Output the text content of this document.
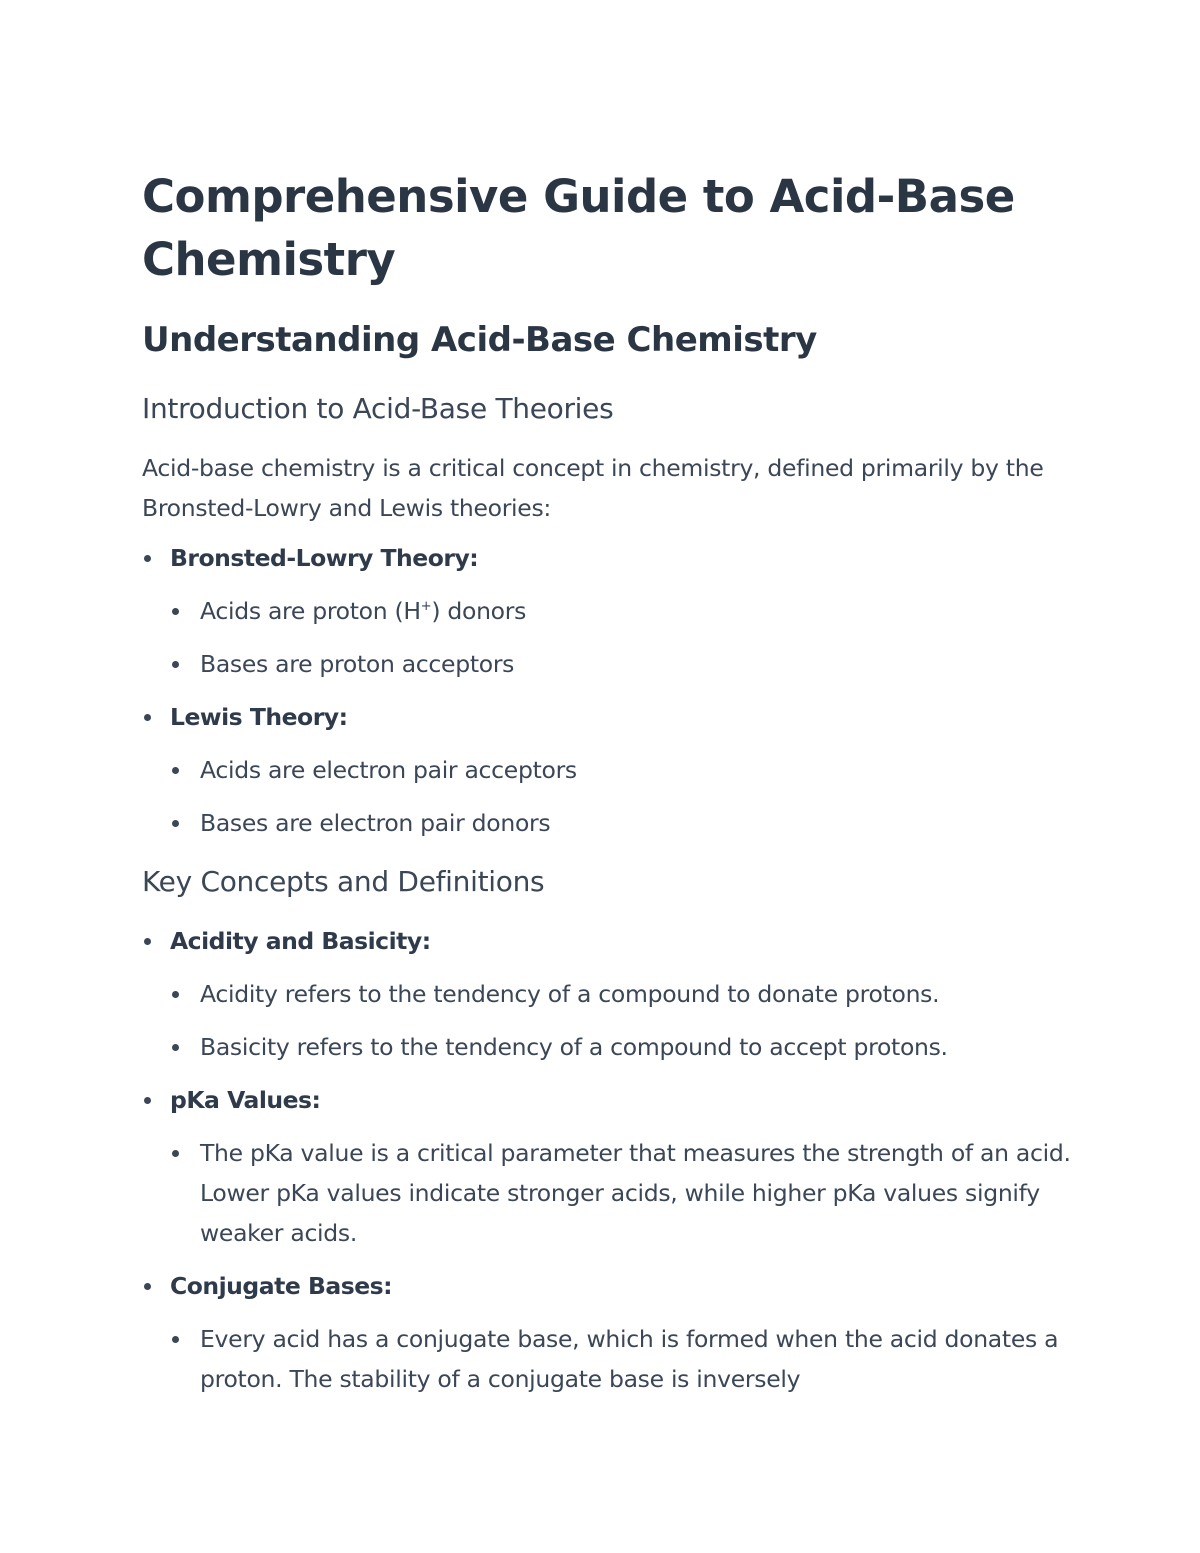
Comprehensive Guide to Acid-Base Chemistry
Understanding Acid-Base Chemistry
Introduction to Acid-Base Theories

Acid-base chemistry is a critical concept in chemistry, defined primarily by the Bronsted-Lowry and Lewis theories:

Bronsted-Lowry Theory:
Acids are proton (H+) donors
Bases are proton acceptors
Lewis Theory:
Acids are electron pair acceptors
Bases are electron pair donors
Key Concepts and Definitions
Acidity and Basicity:
Acidity refers to the tendency of a compound to donate protons.
Basicity refers to the tendency of a compound to accept protons.
pKa Values:
The pKa value is a critical parameter that measures the strength of an acid. Lower pKa values indicate stronger acids, while higher pKa values signify weaker acids.
Conjugate Bases:
Every acid has a conjugate base, which is formed when the acid donates a proton. The stability of a conjugate base is inversely
